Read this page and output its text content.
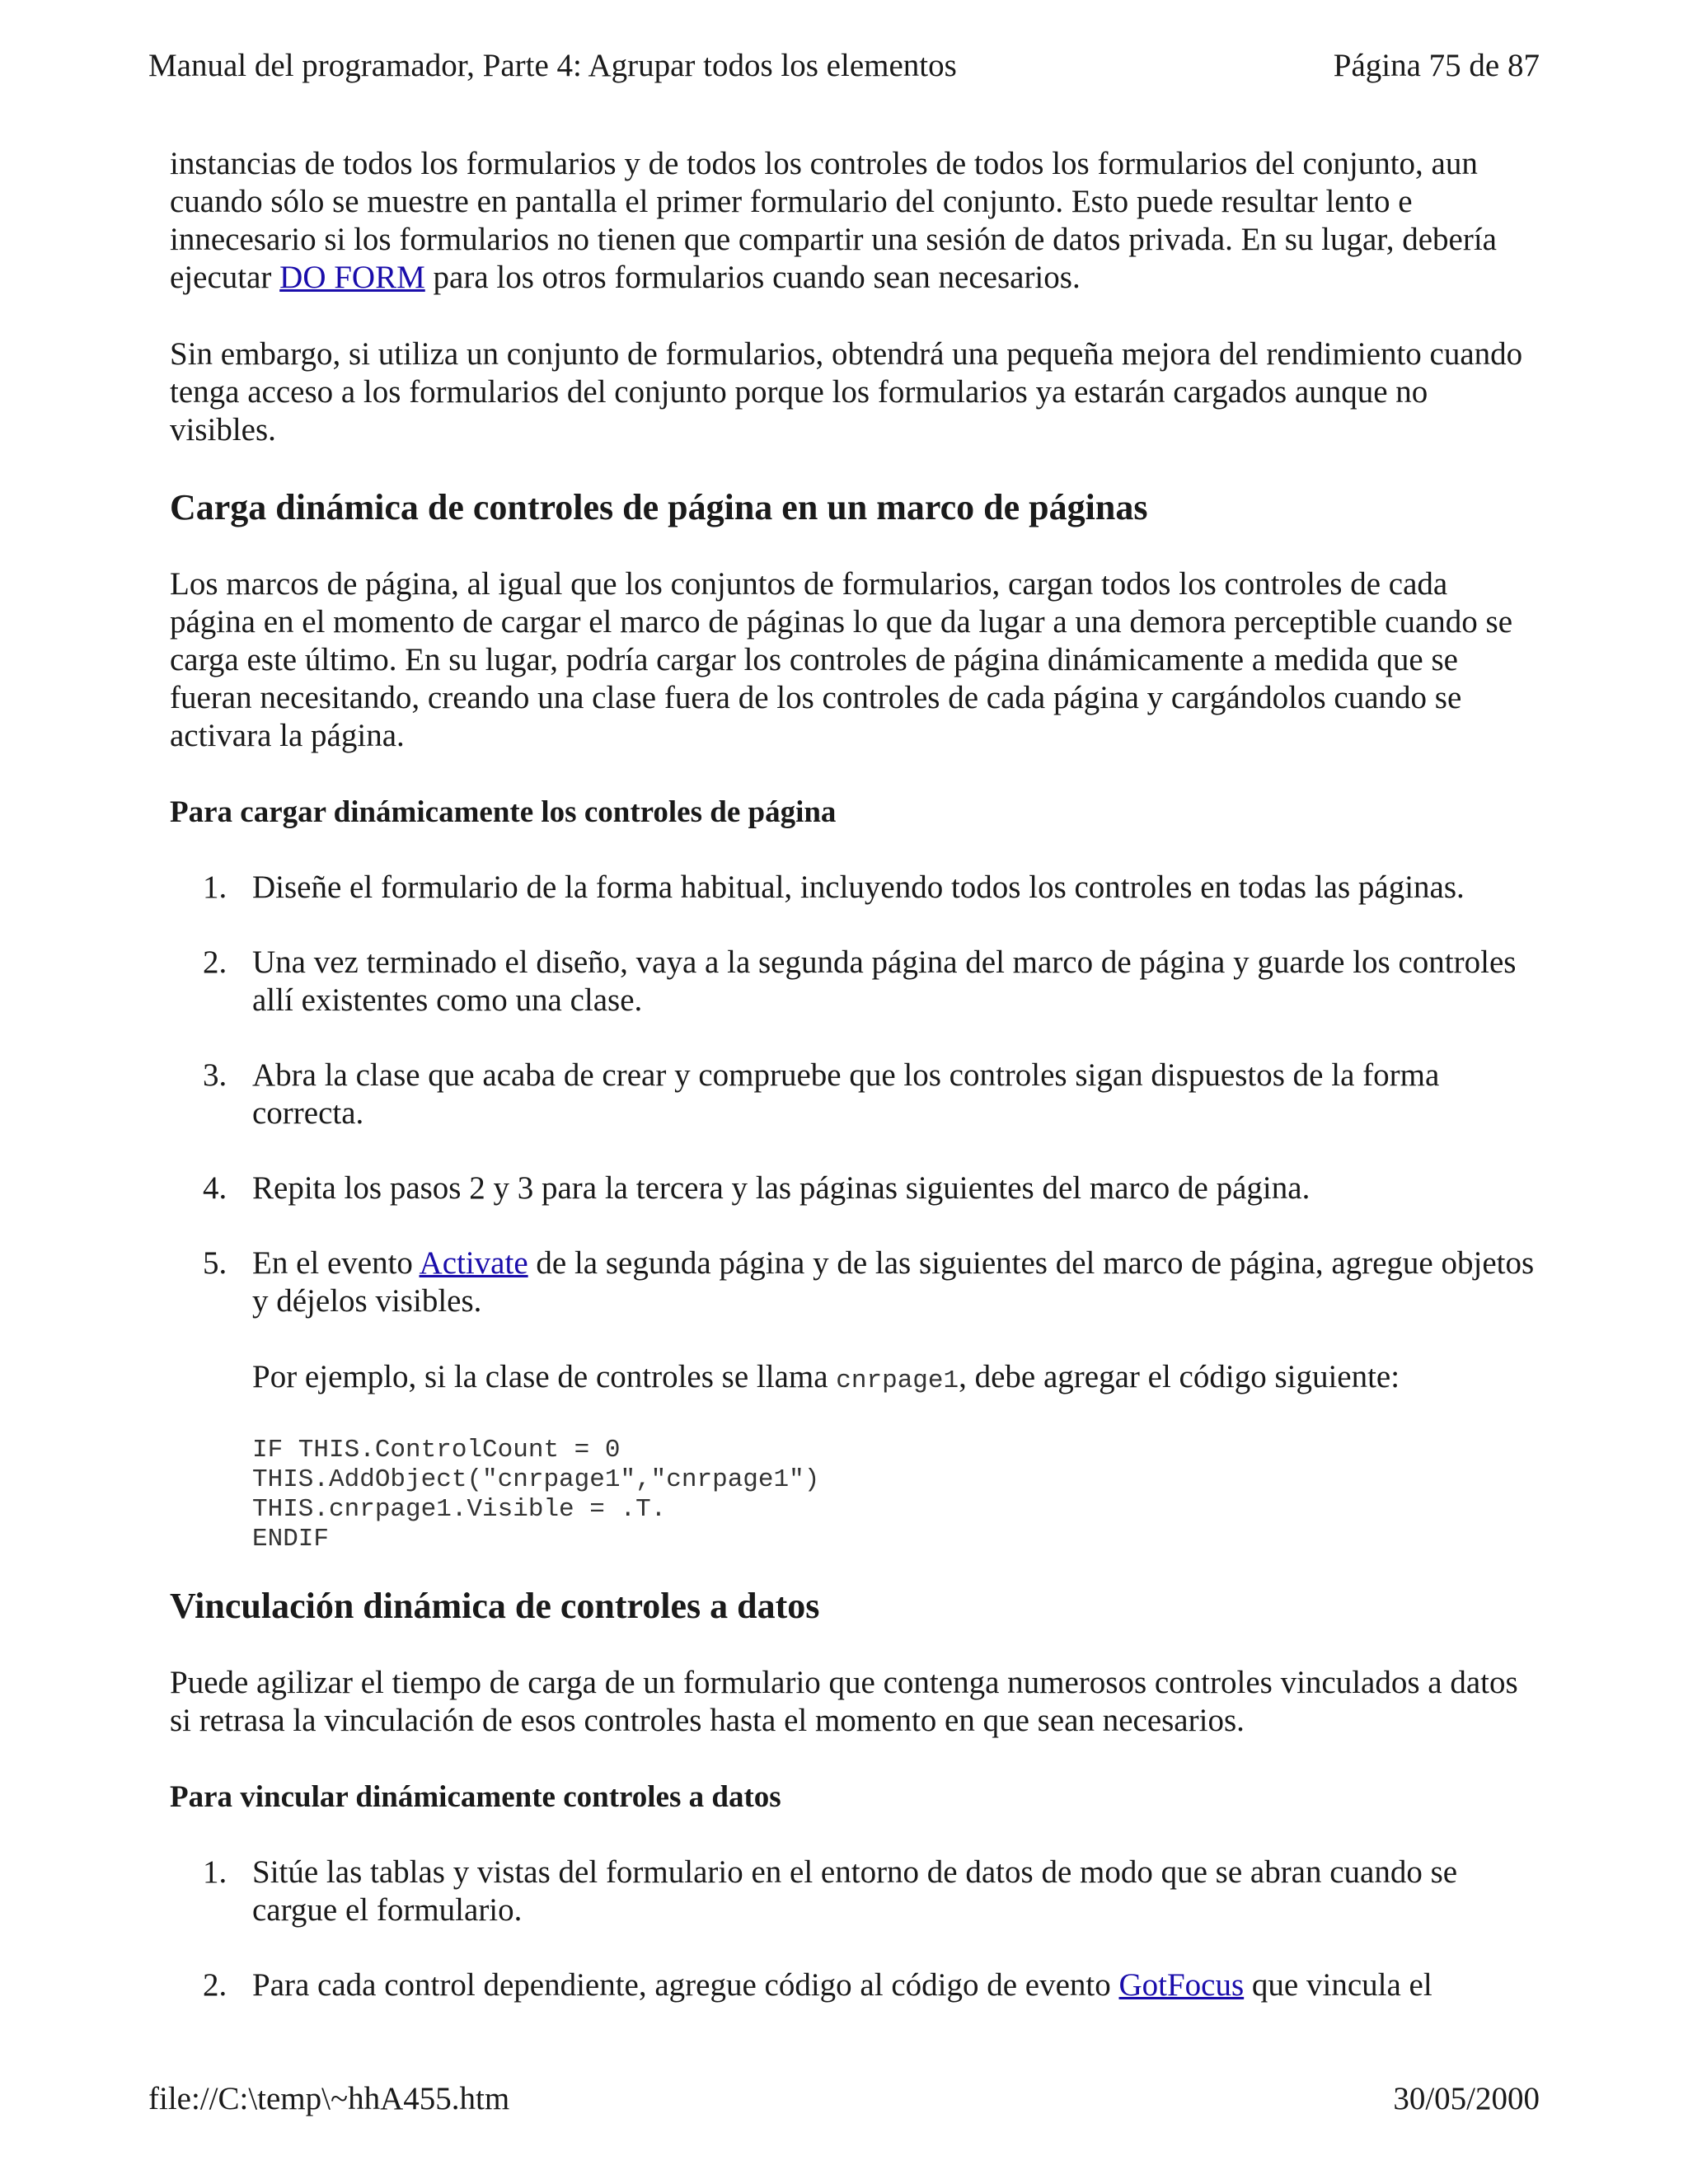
Manual del programador, Parte 4: Agrupar todos los elementos	Página 75 de 87

instancias de todos los formularios y de todos los controles de todos los formularios del conjunto, aun cuando sólo se muestre en pantalla el primer formulario del conjunto. Esto puede resultar lento e innecesario si los formularios no tienen que compartir una sesión de datos privada. En su lugar, debería ejecutar DO FORM para los otros formularios cuando sean necesarios.

Sin embargo, si utiliza un conjunto de formularios, obtendrá una pequeña mejora del rendimiento cuando tenga acceso a los formularios del conjunto porque los formularios ya estarán cargados aunque no visibles.

Carga dinámica de controles de página en un marco de páginas

Los marcos de página, al igual que los conjuntos de formularios, cargan todos los controles de cada página en el momento de cargar el marco de páginas lo que da lugar a una demora perceptible cuando se carga este último. En su lugar, podría cargar los controles de página dinámicamente a medida que se fueran necesitando, creando una clase fuera de los controles de cada página y cargándolos cuando se activara la página.

Para cargar dinámicamente los controles de página
1. Diseñe el formulario de la forma habitual, incluyendo todos los controles en todas las páginas.
2. Una vez terminado el diseño, vaya a la segunda página del marco de página y guarde los controles allí existentes como una clase.
3. Abra la clase que acaba de crear y compruebe que los controles sigan dispuestos de la forma correcta.
4. Repita los pasos 2 y 3 para la tercera y las páginas siguientes del marco de página.
5. En el evento Activate de la segunda página y de las siguientes del marco de página, agregue objetos y déjelos visibles.

Por ejemplo, si la clase de controles se llama cnrpage1, debe agregar el código siguiente:

IF THIS.ControlCount = 0
THIS.AddObject("cnrpage1","cnrpage1")
THIS.cnrpage1.Visible = .T.
ENDIF
Vinculación dinámica de controles a datos

Puede agilizar el tiempo de carga de un formulario que contenga numerosos controles vinculados a datos si retrasa la vinculación de esos controles hasta el momento en que sean necesarios.

Para vincular dinámicamente controles a datos
1. Sitúe las tablas y vistas del formulario en el entorno de datos de modo que se abran cuando se cargue el formulario.
2. Para cada control dependiente, agregue código al código de evento GotFocus que vincula el
file://C:\temp\~hhA455.htm	30/05/2000
